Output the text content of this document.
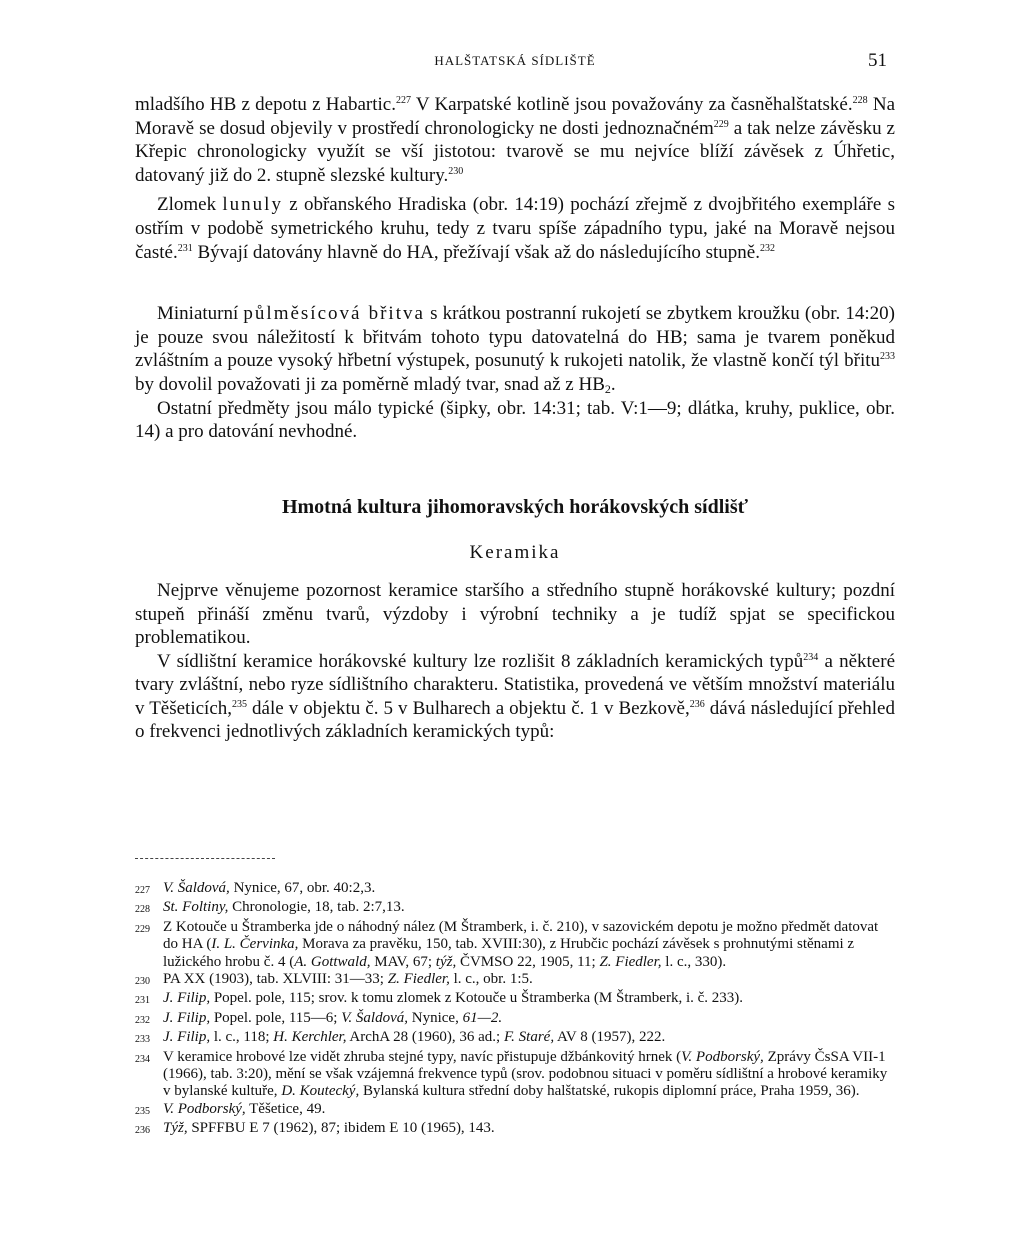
HALŠTATSKÁ SÍDLIŠTĚ	51

mladšího HB z depotu z Habartic.$^{227}$ V Karpatské kotlině jsou považovány za časněhalštatské.$^{228}$ Na Moravě se dosud objevily v prostředí chronologicky ne dosti jednoznačném$^{229}$ a tak nelze závěsku z Křepic chronologicky využít se vší jistotou: tvarově se mu nejvíce blíží závěsek z Úhřetic, datovaný již do 2. stupně slezské kultury.$^{230}$

Zlomek lunuly z obřanského Hradiska (obr. 14:19) pochází zřejmě z dvojbřitého exempláře s ostřím v podobě symetrického kruhu, tedy z tvaru spíše západního typu, jaké na Moravě nejsou časté.$^{231}$ Bývají datovány hlavně do HA, přežívají však až do následujícího stupně.$^{232}$

Miniaturní půlměsícová břitva s krátkou postranní rukojetí se zbytkem kroužku (obr. 14:20) je pouze svou náležitostí k břitvám tohoto typu datovatelná do HB; sama je tvarem poněkud zvláštním a pouze vysoký hřbetní výstupek, posunutý k rukojeti natolik, že vlastně končí týl břitu$^{233}$ by dovolil považovati ji za poměrně mladý tvar, snad až z $HB_2$.

Ostatní předměty jsou málo typické (šipky, obr. 14:31; tab. V:1—9; dlátka, kruhy, puklice, obr. 14) a pro datování nevhodné.

Hmotná kultura jihomoravských horákovských sídlišť
Keramika

Nejprve věnujeme pozornost keramice staršího a středního stupně horákovské kultury; pozdní stupeň přináší změnu tvarů, výzdoby i výrobní techniky a je tudíž spjat se specifickou problematikou.

V sídlištní keramice horákovské kultury lze rozlišit 8 základních keramických typů$^{234}$ a některé tvary zvláštní, nebo ryze sídlištního charakteru. Statistika, provedená ve větším množství materiálu v Těšeticích,$^{235}$ dále v objektu č. 5 v Bulharech a objektu č. 1 v Bezkově,$^{236}$ dává následující přehled o frekvenci jednotlivých základních keramických typů:

227 V. Šaldová, Nynice, 67, obr. 40:2,3.
228 St. Foltiny, Chronologie, 18, tab. 2:7,13.
229 Z Kotouče u Štramberka jde o náhodný nález (M Štramberk, i. č. 210), v sazovickém depotu je možno předmět datovat do HA (I. L. Červinka, Morava za pravěku, 150, tab. XVIII:30), z Hrubčic pochází závěsek s prohnutými stěnami z lužického hrobu č. 4 (A. Gottwald, MAV, 67; týž, ČVMSO 22, 1905, 11; Z. Fiedler, l. c., 330).
230 PA XX (1903), tab. XLVIII: 31—33; Z. Fiedler, l. c., obr. 1:5.
231 J. Filip, Popel. pole, 115; srov. k tomu zlomek z Kotouče u Štramberka (M Štramberk, i. č. 233).
232 J. Filip, Popel. pole, 115—6; V. Šaldová, Nynice, 61—2.
233 J. Filip, l. c., 118; H. Kerchler, ArchA 28 (1960), 36 ad.; F. Staré, AV 8 (1957), 222.
234 V keramice hrobové lze vidět zhruba stejné typy, navíc přistupuje džbánkovitý hrnek (V. Podborský, Zprávy ČsSA VII-1 (1966), tab. 3:20), mění se však vzájemná frekvence typů (srov. podobnou situaci v poměru sídlištní a hrobové keramiky v bylanské kultuře, D. Koutecký, Bylanská kultura střední doby halštatské, rukopis diplomní práce, Praha 1959, 36).
235 V. Podborský, Těšetice, 49.
236 Týž, SPFFBU E 7 (1962), 87; ibidem E 10 (1965), 143.
